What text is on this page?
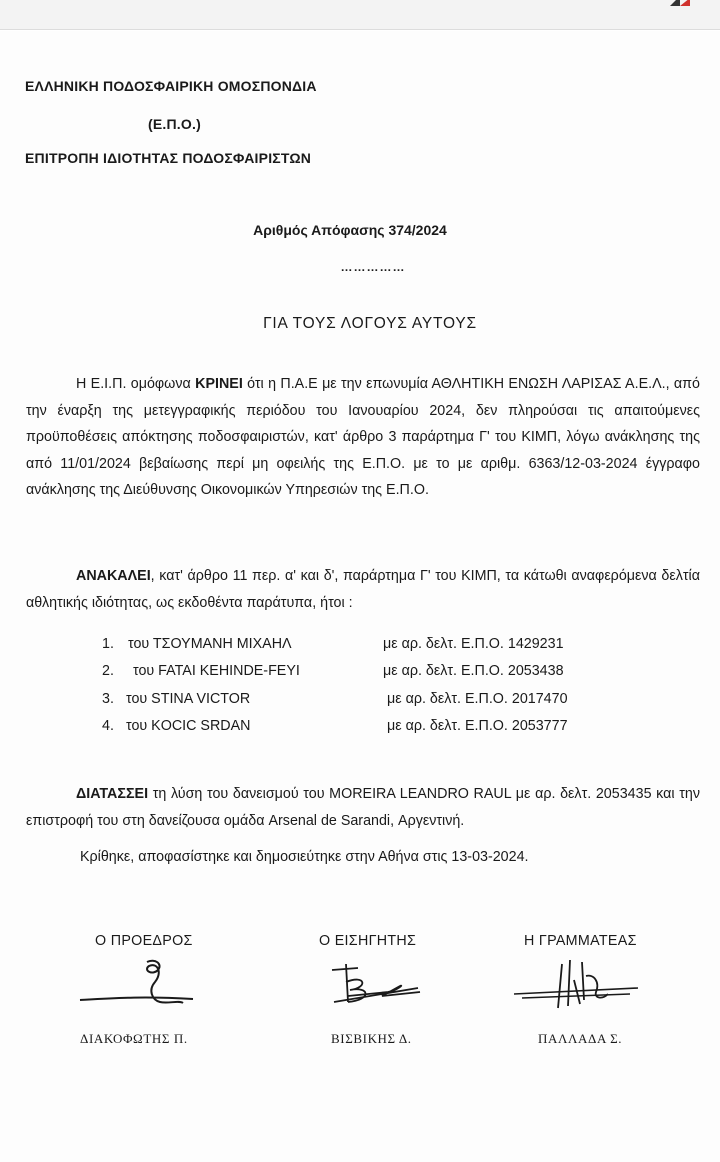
ΕΛΛΗΝΙΚΗ ΠΟΔΟΣΦΑΙΡΙΚΗ ΟΜΟΣΠΟΝΔΙΑ
(Ε.Π.Ο.)
ΕΠΙΤΡΟΠΗ ΙΔΙΟΤΗΤΑΣ ΠΟΔΟΣΦΑΙΡΙΣΤΩΝ
Αριθμός Απόφασης 374/2024
……………
ΓΙΑ ΤΟΥΣ ΛΟΓΟΥΣ ΑΥΤΟΥΣ
Η Ε.Ι.Π. ομόφωνα ΚΡΙΝΕΙ ότι η Π.Α.Ε με την επωνυμία ΑΘΛΗΤΙΚΗ ΕΝΩΣΗ ΛΑΡΙΣΑΣ Α.Ε.Λ., από την έναρξη της μετεγγραφικής περιόδου του Ιανουαρίου 2024, δεν πληρούσαι τις απαιτούμενες προϋποθέσεις απόκτησης ποδοσφαιριστών, κατ' άρθρο 3 παράρτημα Γ' του ΚΙΜΠ, λόγω ανάκλησης της από 11/01/2024 βεβαίωσης περί μη οφειλής της Ε.Π.Ο. με το με αριθμ. 6363/12-03-2024 έγγραφο ανάκλησης της Διεύθυνσης Οικονομικών Υπηρεσιών της Ε.Π.Ο.
ΑΝΑΚΑΛΕΙ, κατ' άρθρο 11 περ. α' και δ', παράρτημα Γ' του ΚΙΜΠ, τα κάτωθι αναφερόμενα δελτία αθλητικής ιδιότητας, ως εκδοθέντα παράτυπα, ήτοι :
1. του ΤΣΟΥΜΑΝΗ ΜΙΧΑΗΛ	με αρ. δελτ. Ε.Π.Ο. 1429231
2. του FATAI KEHINDE-FEYI	με αρ. δελτ. Ε.Π.Ο. 2053438
3. του STINA VICTOR	με αρ. δελτ. Ε.Π.Ο. 2017470
4. του KOCIC SRDAN	με αρ. δελτ. Ε.Π.Ο. 2053777
ΔΙΑΤΑΣΣΕΙ τη λύση του δανεισμού του MOREIRA LEANDRO RAUL με αρ. δελτ. 2053435 και την επιστροφή του στη δανείζουσα ομάδα Arsenal de Sarandi, Αργεντινή.
Κρίθηκε, αποφασίστηκε και δημοσιεύτηκε στην Αθήνα στις 13-03-2024.
Ο ΠΡΟΕΔΡΟΣ	Ο ΕΙΣΗΓΗΤΗΣ	Η ΓΡΑΜΜΑΤΕΑΣ
ΔΙΑΚΟΦΩΤΗΣ Π.	ΒΙΣΒΙΚΗΣ Δ.	ΠΑΛΛΑΔΑ Σ.
